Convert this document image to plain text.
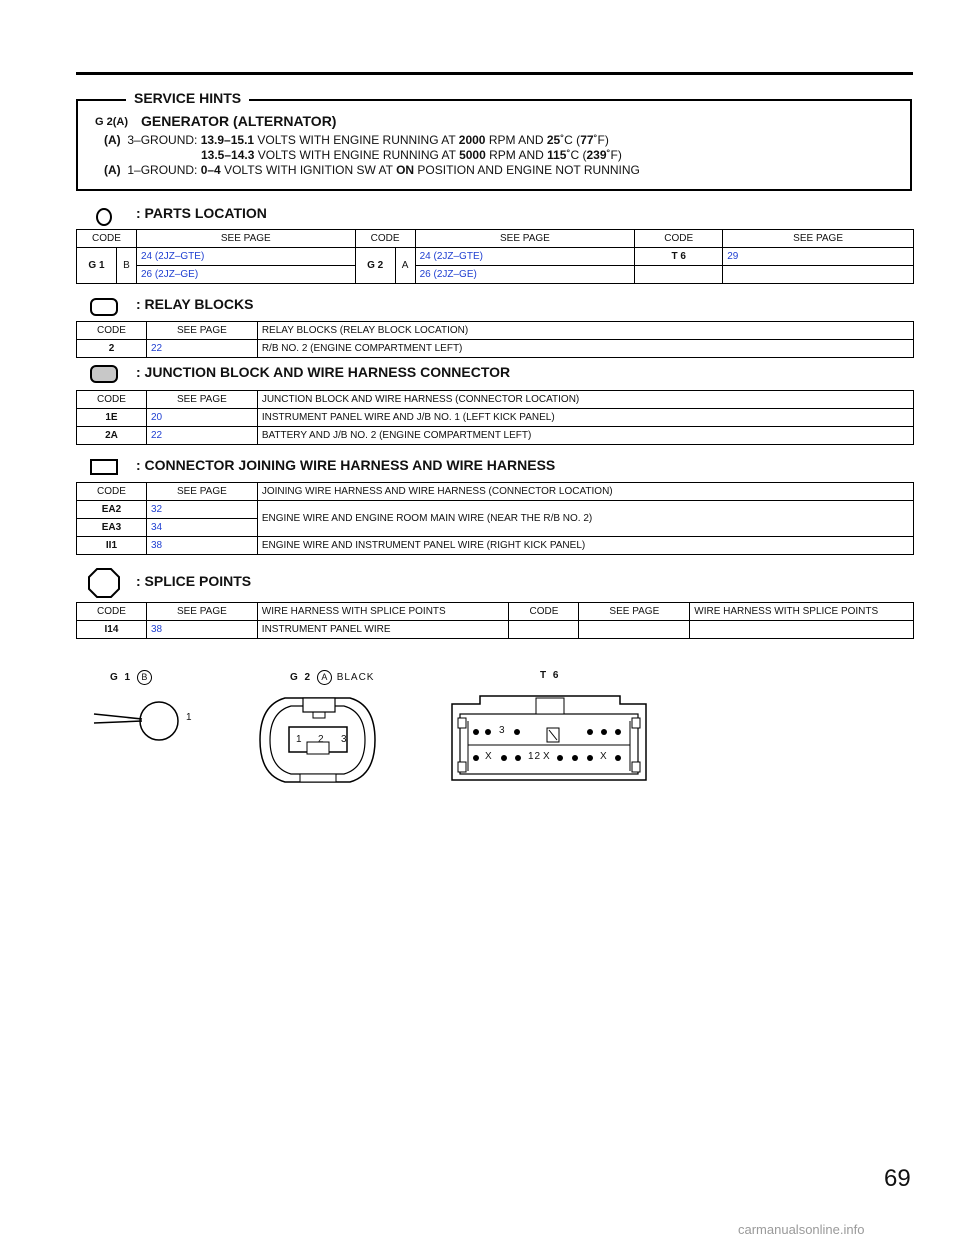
SERVICE HINTS
G 2(A) GENERATOR (ALTERNATOR)
(A) 3–GROUND: 13.9–15.1 VOLTS WITH ENGINE RUNNING AT 2000 RPM AND 25˚C (77˚F)
13.5–14.3 VOLTS WITH ENGINE RUNNING AT 5000 RPM AND 115˚C (239˚F)
(A) 1–GROUND: 0–4 VOLTS WITH IGNITION SW AT ON POSITION AND ENGINE NOT RUNNING
: PARTS LOCATION
CODE	SEE PAGE	CODE	SEE PAGE	CODE	SEE PAGE
G 1	B	24 (2JZ–GTE)	G 2	A	24 (2JZ–GTE)	T 6	29
		26 (2JZ–GE)			26 (2JZ–GE)		
: RELAY BLOCKS
CODE	SEE PAGE	RELAY BLOCKS (RELAY BLOCK LOCATION)
2	22	R/B NO. 2 (ENGINE COMPARTMENT LEFT)
: JUNCTION BLOCK AND WIRE HARNESS CONNECTOR
CODE	SEE PAGE	JUNCTION BLOCK AND WIRE HARNESS (CONNECTOR LOCATION)
1E	20	INSTRUMENT PANEL WIRE AND J/B NO. 1 (LEFT KICK PANEL)
2A	22	BATTERY AND J/B NO. 2 (ENGINE COMPARTMENT LEFT)
: CONNECTOR JOINING WIRE HARNESS AND WIRE HARNESS
CODE	SEE PAGE	JOINING WIRE HARNESS AND WIRE HARNESS (CONNECTOR LOCATION)
EA2	32	ENGINE WIRE AND ENGINE ROOM MAIN WIRE (NEAR THE R/B NO. 2)
EA3	34	
II1	38	ENGINE WIRE AND INSTRUMENT PANEL WIRE (RIGHT KICK PANEL)
: SPLICE POINTS
CODE	SEE PAGE	WIRE HARNESS WITH SPLICE POINTS	CODE	SEE PAGE	WIRE HARNESS WITH SPLICE POINTS
I14	38	INSTRUMENT PANEL WIRE			
G 1 B
1
G 2 A BLACK
1 2 3
T 6
3
X	12 X	X
69
carmanualsonline.info
